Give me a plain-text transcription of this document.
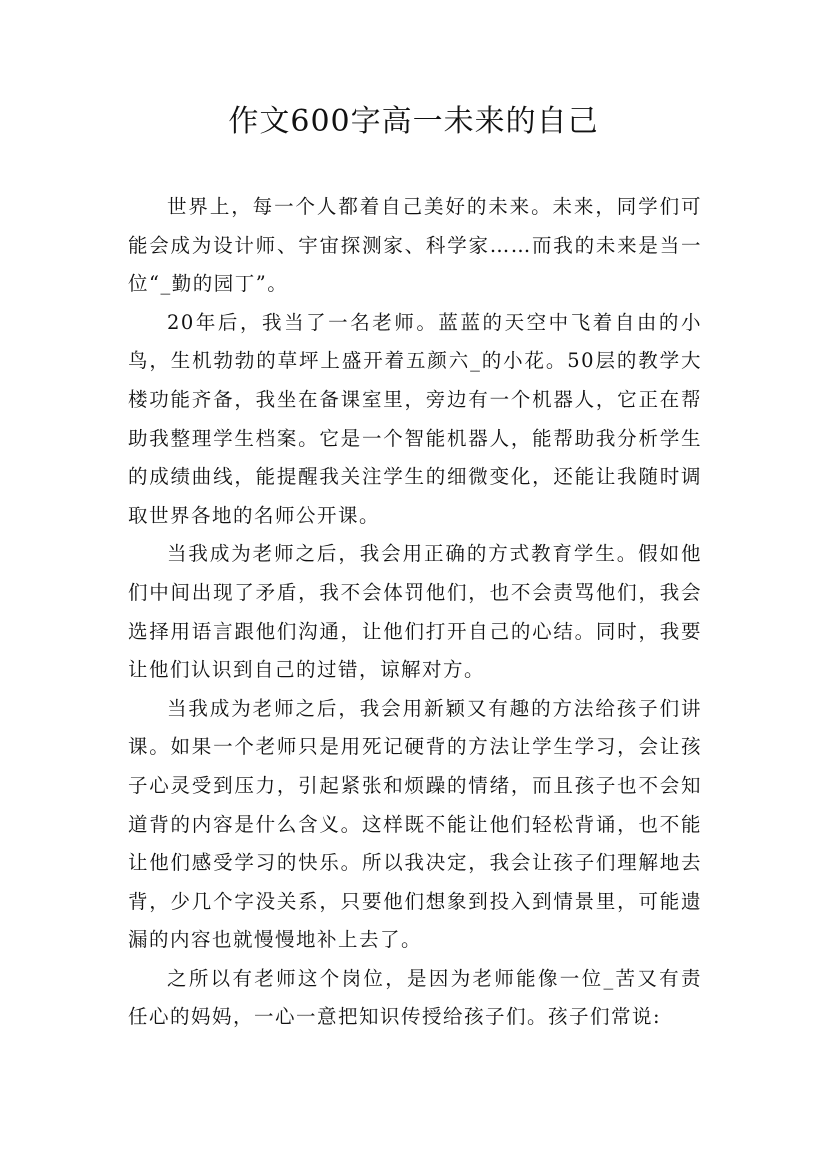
作文600字高一未来的自己

世界上，每一个人都着自己美好的未来。未来，同学们可能会成为设计师、宇宙探测家、科学家……而我的未来是当一位“_勤的园丁”。

20年后，我当了一名老师。蓝蓝的天空中飞着自由的小鸟，生机勃勃的草坪上盛开着五颜六_的小花。50层的教学大楼功能齐备，我坐在备课室里，旁边有一个机器人，它正在帮助我整理学生档案。它是一个智能机器人，能帮助我分析学生的成绩曲线，能提醒我关注学生的细微变化，还能让我随时调取世界各地的名师公开课。

当我成为老师之后，我会用正确的方式教育学生。假如他们中间出现了矛盾，我不会体罚他们，也不会责骂他们，我会选择用语言跟他们沟通，让他们打开自己的心结。同时，我要让他们认识到自己的过错，谅解对方。

当我成为老师之后，我会用新颖又有趣的方法给孩子们讲课。如果一个老师只是用死记硬背的方法让学生学习，会让孩子心灵受到压力，引起紧张和烦躁的情绪，而且孩子也不会知道背的内容是什么含义。这样既不能让他们轻松背诵，也不能让他们感受学习的快乐。所以我决定，我会让孩子们理解地去背，少几个字没关系，只要他们想象到投入到情景里，可能遗漏的内容也就慢慢地补上去了。

之所以有老师这个岗位，是因为老师能像一位_苦又有责任心的妈妈，一心一意把知识传授给孩子们。孩子们常说:
